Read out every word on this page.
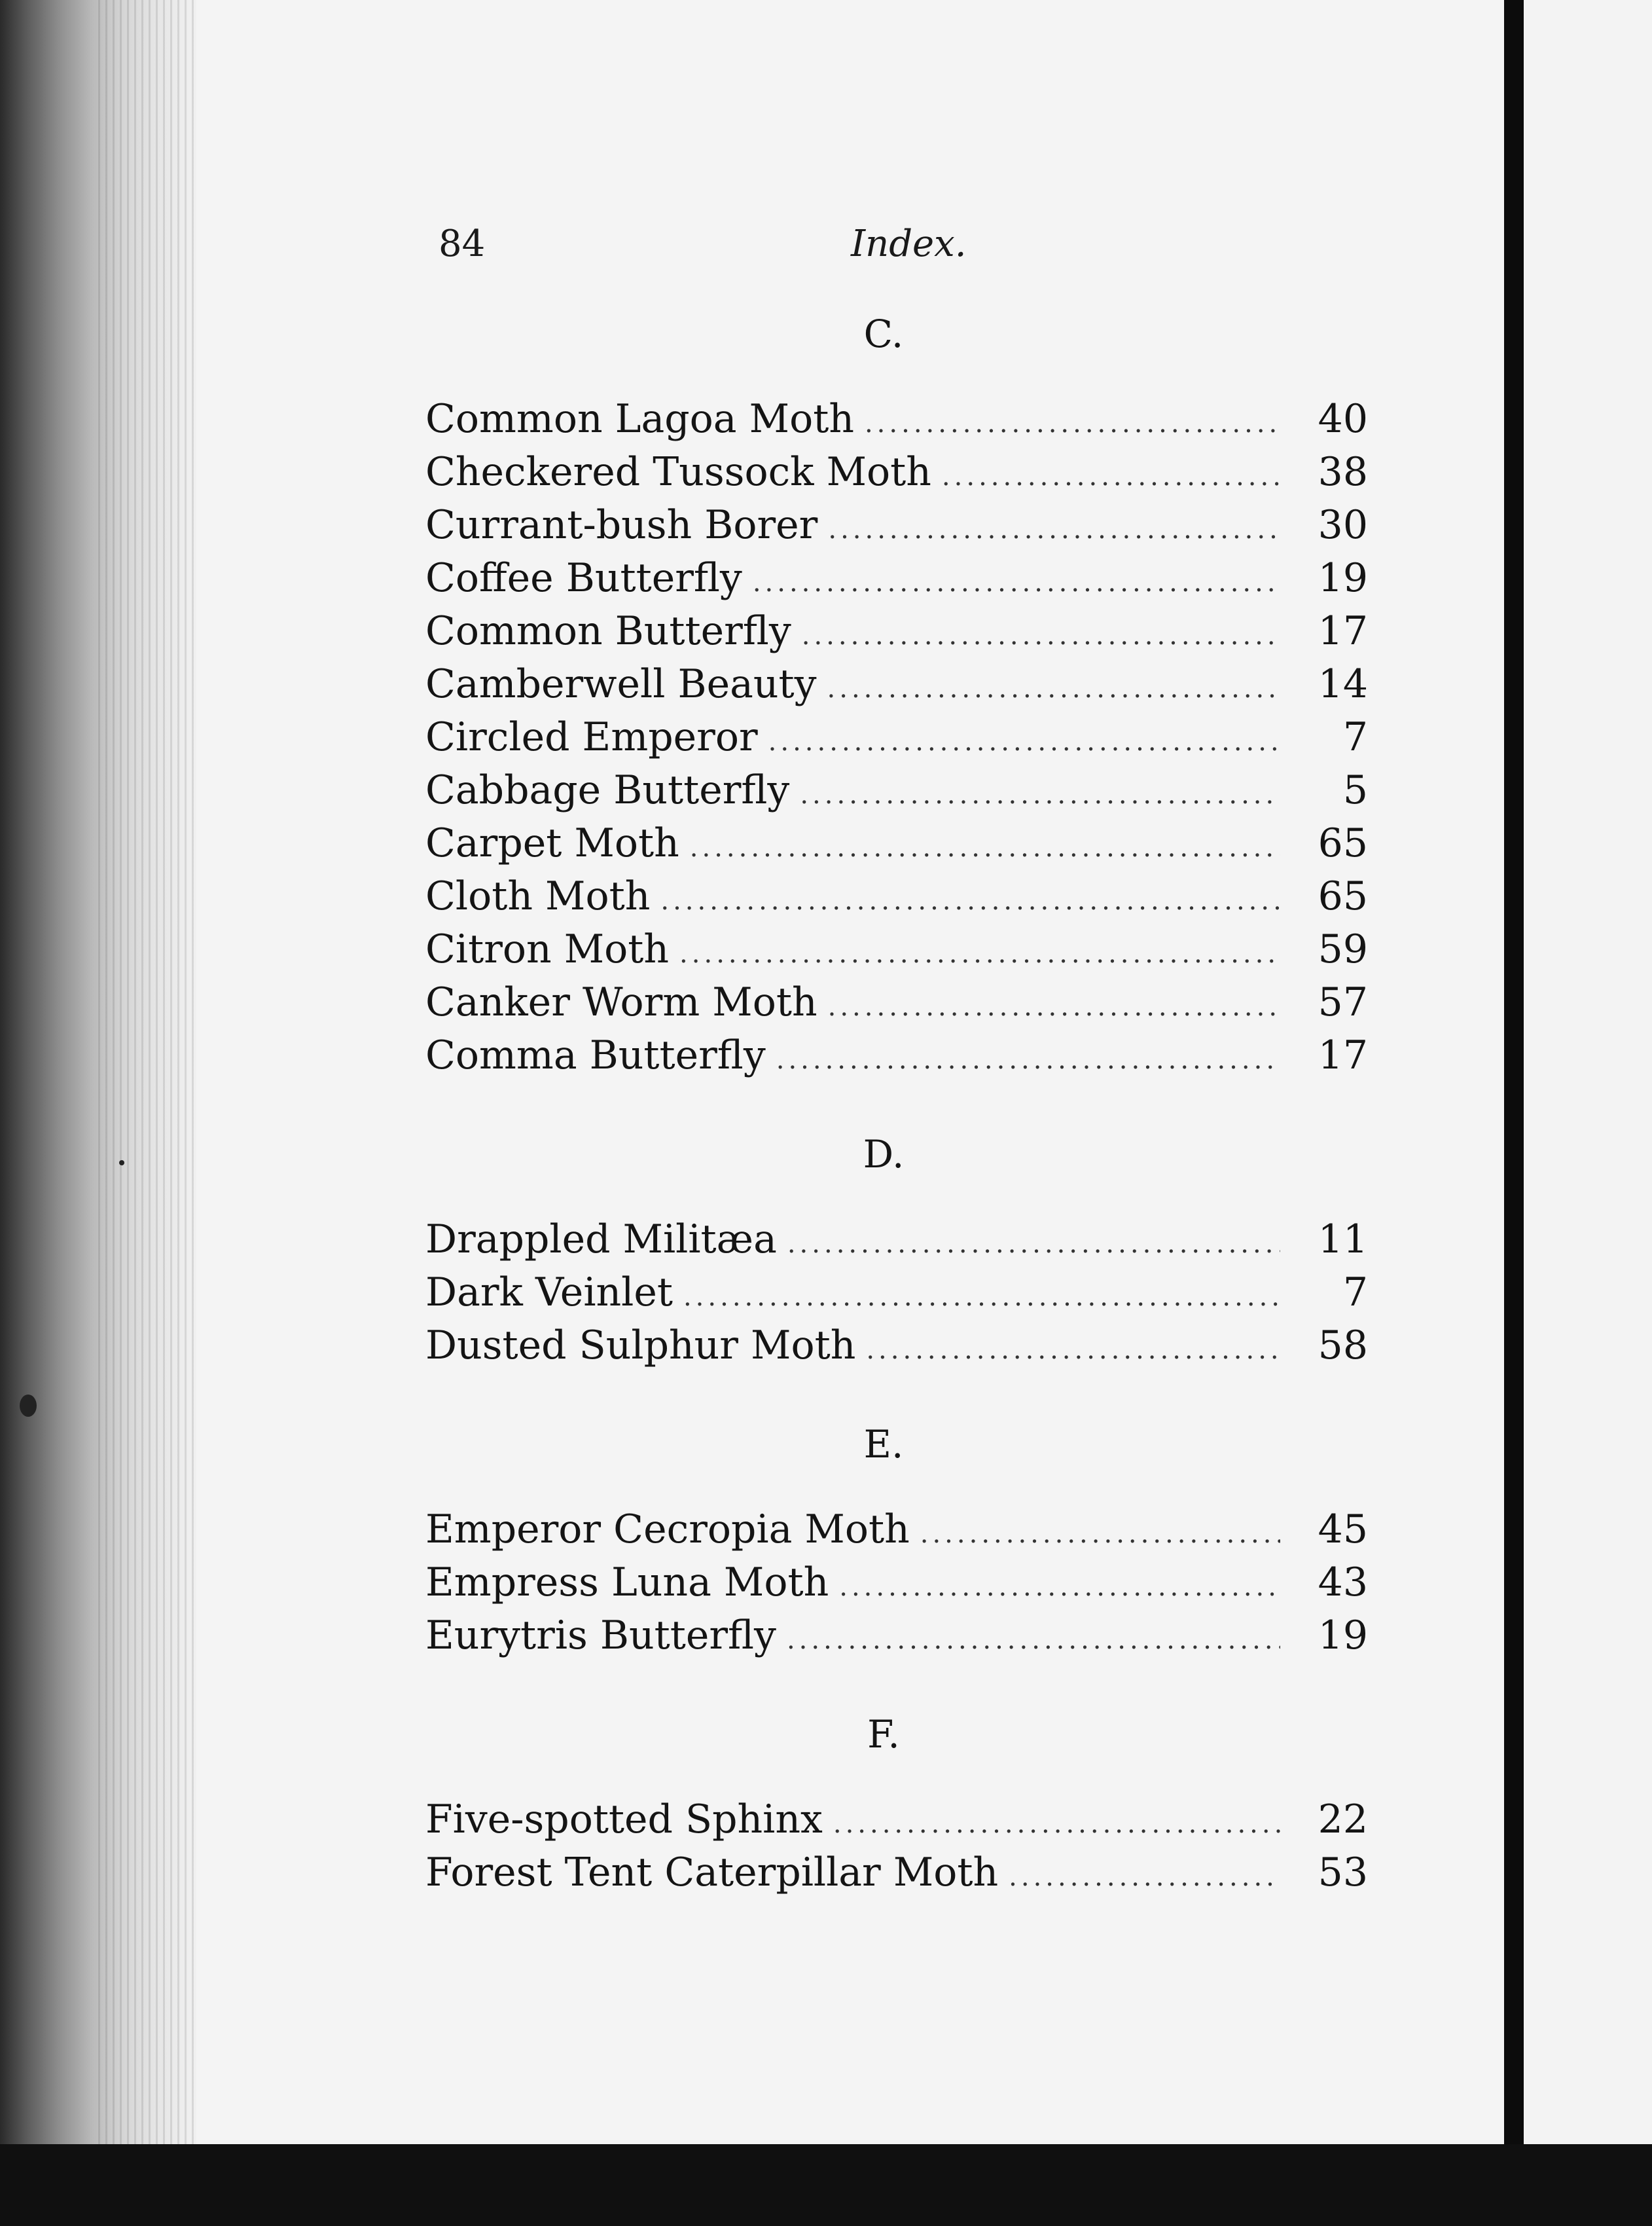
84	Index.
C.
Common Lagoa Moth .....	40
Checkered Tussock Moth .....	38
Currant-bush Borer .....	30
Coffee Butterfly .....	19
Common Butterfly .....	17
Camberwell Beauty .....	14
Circled Emperor .....	7
Cabbage Butterfly .....	5
Carpet Moth .....	65
Cloth Moth .....	65
Citron Moth .....	59
Canker Worm Moth .....	57
Comma Butterfly .....	17
D.
Drappled Militæa .....	11
Dark Veinlet .....	7
Dusted Sulphur Moth .....	58
E.
Emperor Cecropia Moth .....	45
Empress Luna Moth .....	43
Eurytris Butterfly .....	19
F.
Five-spotted Sphinx .....	22
Forest Tent Caterpillar Moth .....	53
